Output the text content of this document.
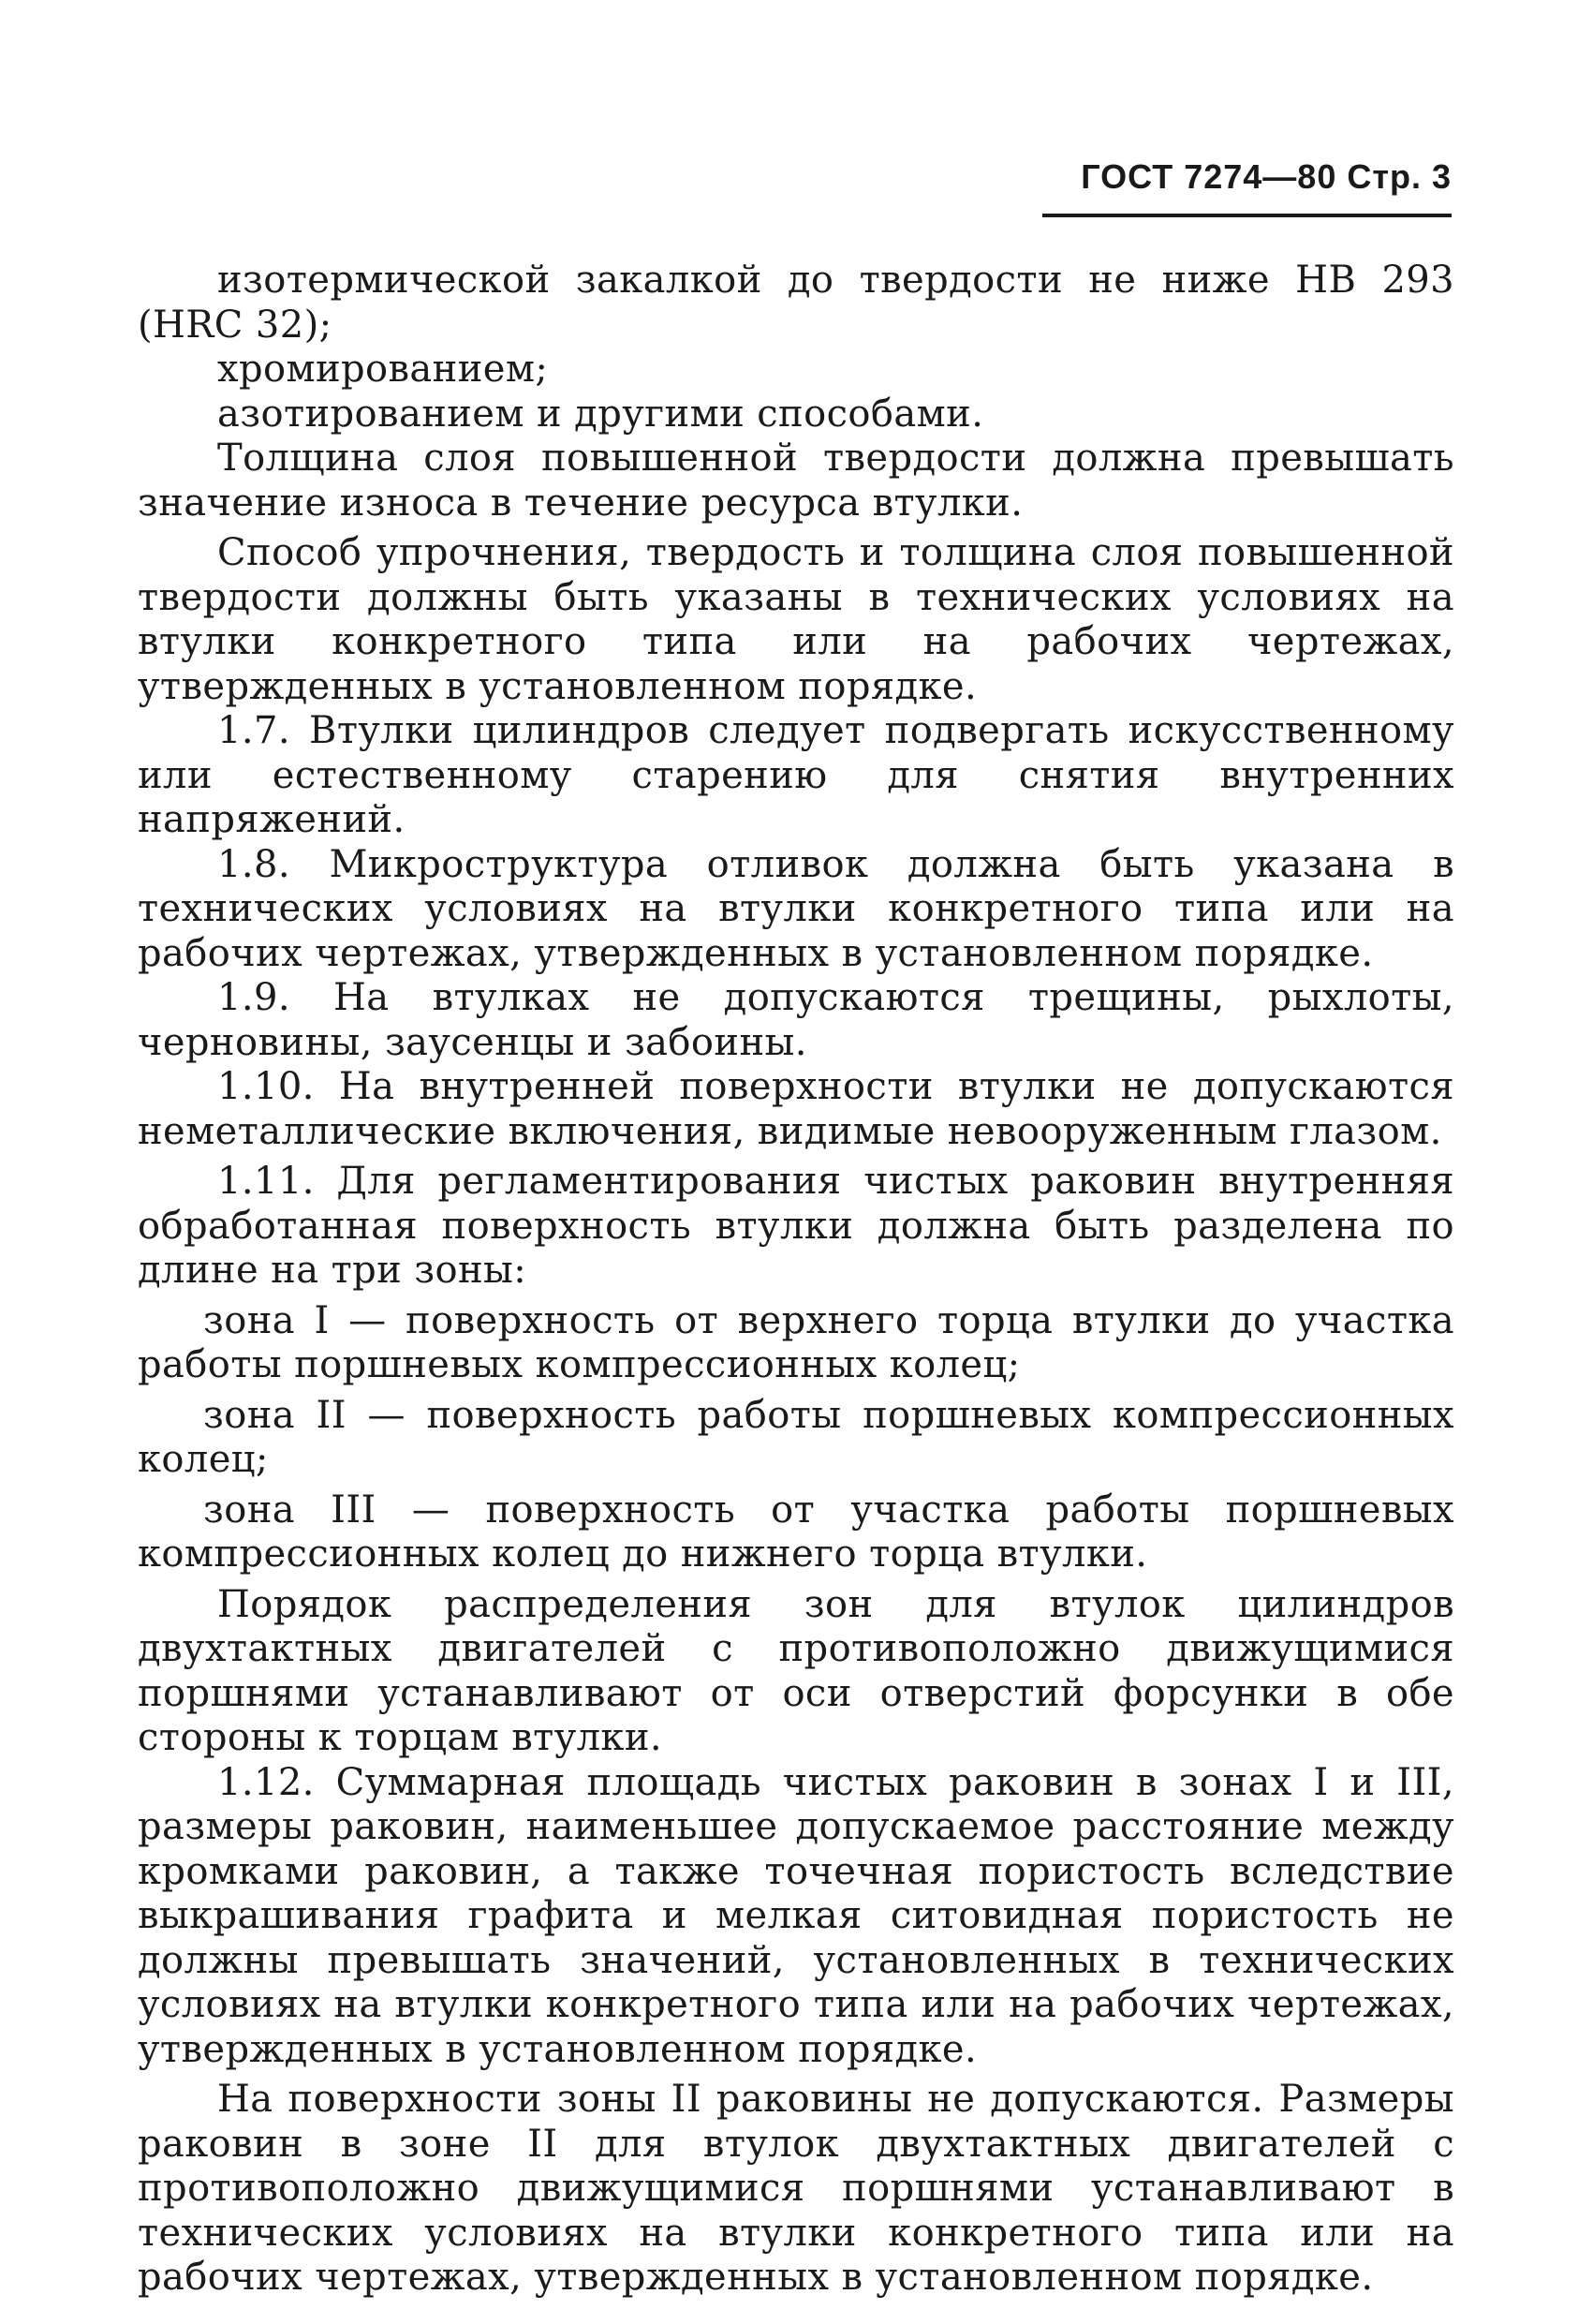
ГОСТ 7274—80 Стр. 3

изотермической закалкой до твердости не ниже НВ 293 (HRC 32);

хромированием;

азотированием и другими способами.

Толщина слоя повышенной твердости должна превышать значение износа в течение ресурса втулки.

Способ упрочнения, твердость и толщина слоя повышенной твердости должны быть указаны в технических условиях на втулки конкретного типа или на рабочих чертежах, утвержденных в установленном порядке.

1.7. Втулки цилиндров следует подвергать искусственному или естественному старению для снятия внутренних напряжений.

1.8. Микроструктура отливок должна быть указана в технических условиях на втулки конкретного типа или на рабочих чертежах, утвержденных в установленном порядке.

1.9. На втулках не допускаются трещины, рыхлоты, черновины, заусенцы и забоины.

1.10. На внутренней поверхности втулки не допускаются неметаллические включения, видимые невооруженным глазом.

1.11. Для регламентирования чистых раковин внутренняя обработанная поверхность втулки должна быть разделена по длине на три зоны:

зона I — поверхность от верхнего торца втулки до участка работы поршневых компрессионных колец;

зона II — поверхность работы поршневых компрессионных колец;

зона III — поверхность от участка работы поршневых компрессионных колец до нижнего торца втулки.

Порядок распределения зон для втулок цилиндров двухтактных двигателей с противоположно движущимися поршнями устанавливают от оси отверстий форсунки в обе стороны к торцам втулки.

1.12. Суммарная площадь чистых раковин в зонах I и III, размеры раковин, наименьшее допускаемое расстояние между кромками раковин, а также точечная пористость вследствие выкрашивания графита и мелкая ситовидная пористость не должны превышать значений, установленных в технических условиях на втулки конкретного типа или на рабочих чертежах, утвержденных в установленном порядке.

На поверхности зоны II раковины не допускаются. Размеры раковин в зоне II для втулок двухтактных двигателей с противоположно движущимися поршнями устанавливают в технических условиях на втулки конкретного типа или на рабочих чертежах, утвержденных в установленном порядке.
